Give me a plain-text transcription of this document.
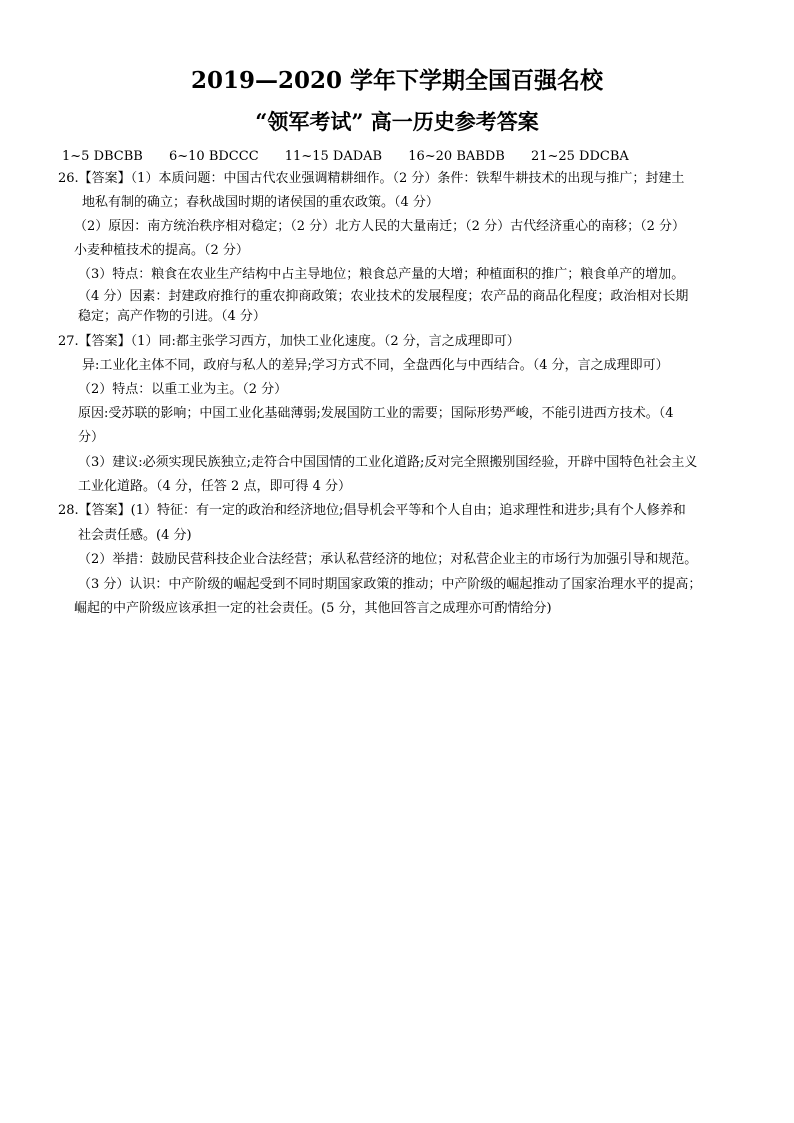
2019—2020 学年下学期全国百强名校
“领军考试” 高一历史参考答案
1~5 DBCBB 6~10 BDCCC 11~15 DADAB 16~20 BABDB 21~25 DDCBA
26.【答案】（1）本质问题：中国古代农业强调精耕细作。（2 分）条件：铁犁牛耕技术的出现与推广；封建土
地私有制的确立；春秋战国时期的诸侯国的重农政策。（4 分）
（2）原因：南方统治秩序相对稳定；（2 分）北方人民的大量南迁；（2 分）古代经济重心的南移；（2 分）
小麦种植技术的提高。（2 分）
（3）特点：粮食在农业生产结构中占主导地位；粮食总产量的大增；种植面积的推广；粮食单产的增加。
（4 分）因素：封建政府推行的重农抑商政策；农业技术的发展程度；农产品的商品化程度；政治相对长期
稳定；高产作物的引进。（4 分）
27.【答案】（1）同:都主张学习西方，加快工业化速度。（2 分，言之成理即可）
异:工业化主体不同，政府与私人的差异;学习方式不同，全盘西化与中西结合。（4 分，言之成理即可）
（2）特点：以重工业为主。（2 分）
原因:受苏联的影响；中国工业化基础薄弱;发展国防工业的需要；国际形势严峻，不能引进西方技术。（4
分）
（3）建议:必须实现民族独立;走符合中国国情的工业化道路;反对完全照搬别国经验，开辟中国特色社会主义
工业化道路。（4 分，任答 2 点，即可得 4 分）
28.【答案】(1）特征：有一定的政治和经济地位;倡导机会平等和个人自由；追求理性和进步;具有个人修养和
社会责任感。(4 分)
（2）举措：鼓励民营科技企业合法经营；承认私营经济的地位；对私营企业主的市场行为加强引导和规范。
（3 分）认识：中产阶级的崛起受到不同时期国家政策的推动；中产阶级的崛起推动了国家治理水平的提高；
崛起的中产阶级应该承担一定的社会责任。(5 分，其他回答言之成理亦可酌情给分)
